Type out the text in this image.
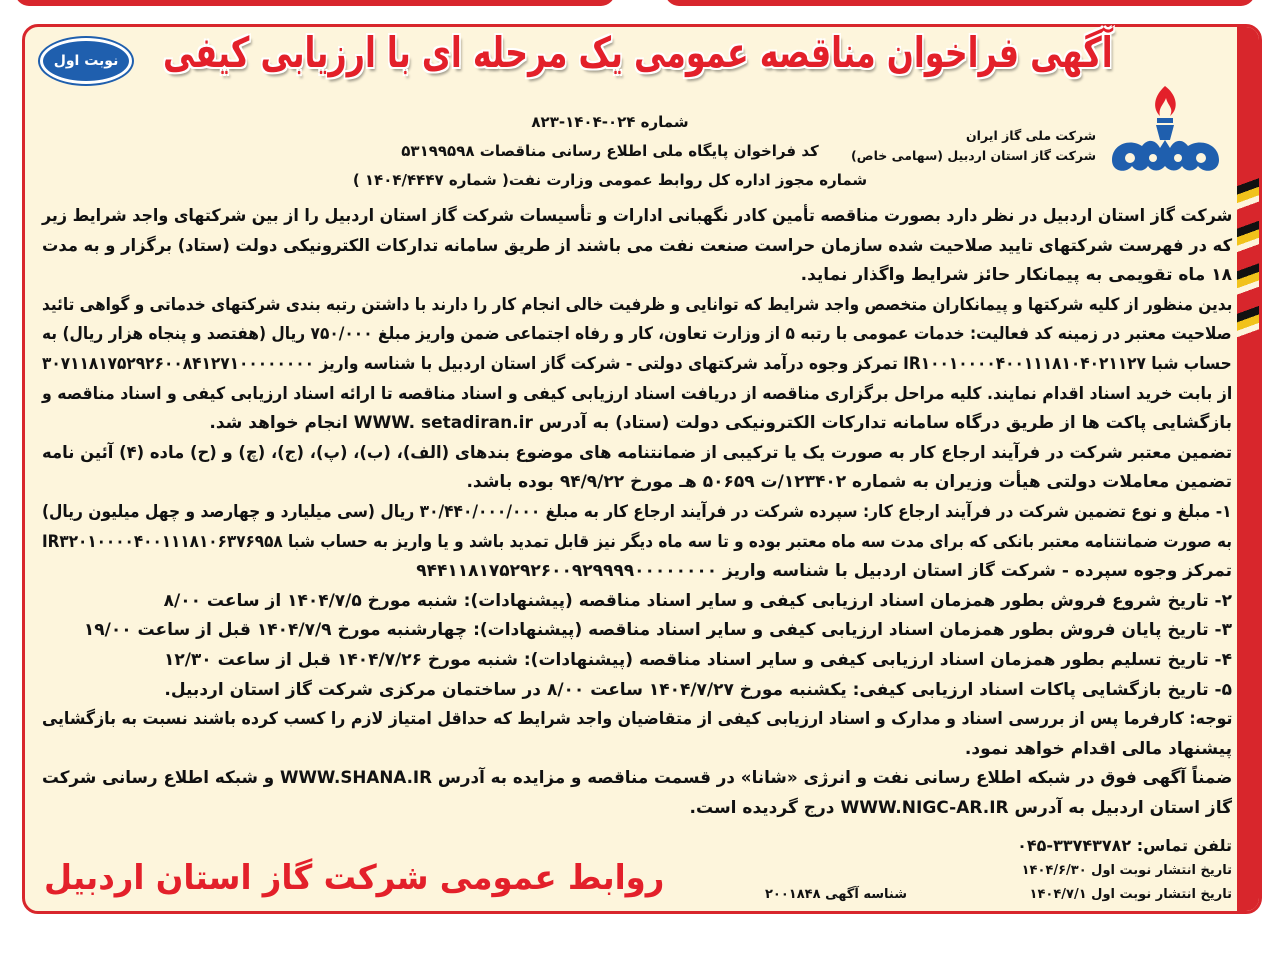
آگهی فراخوان مناقصه عمومی یک مرحله ای با ارزیابی کیفی
نوبت اول
شرکت ملی گاز ایران
شرکت گاز استان اردبیل (سهامی خاص)
شماره ۰۲۴-۱۴۰۴-۸۲۳
کد فراخوان پایگاه ملی اطلاع رسانی مناقصات ۵۳۱۹۹۵۹۸
شماره مجوز اداره کل روابط عمومی وزارت نفت( شماره ۱۴۰۴/۴۴۴۷ )
شرکت گاز استان اردبیل در نظر دارد بصورت مناقصه تأمین کادر نگهبانی ادارات و تأسیسات شرکت گاز استان اردبیل را از بین شرکتهای واجد شرایط زیر
که در فهرست شرکتهای تایید صلاحیت شده سازمان حراست صنعت نفت می باشند از طریق سامانه تدارکات الکترونیکی دولت (ستاد) برگزار و به مدت
۱۸ ماه تقویمی به پیمانکار حائز شرایط واگذار نماید.
بدین منظور از کلیه شرکتها و پیمانکاران متخصص واجد شرایط که توانایی و ظرفیت خالی انجام کار را دارند با داشتن رتبه بندی شرکتهای خدماتی و گواهی تائید
صلاحیت معتبر در زمینه کد فعالیت: خدمات عمومی با رتبه ۵ از وزارت تعاون، کار و رفاه اجتماعی ضمن واریز مبلغ ۷۵۰/۰۰۰ ریال (هفتصد و پنجاه هزار ریال) به
حساب شبا IR۱۰۰۱۰۰۰۰۴۰۰۱۱۱۸۱۰۴۰۲۱۱۲۷ تمرکز وجوه درآمد شرکتهای دولتی - شرکت گاز استان اردبیل با شناسه واریز ۳۰۷۱۱۸۱۷۵۲۹۲۶۰۰۸۴۱۲۷۱۰۰۰۰۰۰۰۰
از بابت خرید اسناد اقدام نمایند. کلیه مراحل برگزاری مناقصه از دریافت اسناد ارزیابی کیفی و اسناد مناقصه تا ارائه اسناد ارزیابی کیفی و اسناد مناقصه و
بازگشایی پاکت ها از طریق درگاه سامانه تدارکات الکترونیکی دولت (ستاد) به آدرس WWW. setadiran.ir انجام خواهد شد.
تضمین معتبر شرکت در فرآیند ارجاع کار به صورت یک یا ترکیبی از ضمانتنامه های موضوع بندهای (الف)، (ب)، (پ)، (ج)، (چ) و (ح) ماده (۴) آئین نامه
تضمین معاملات دولتی هیأت وزیران به شماره ۱۲۳۴۰۲/ت ۵۰۶۵۹ هـ مورخ ۹۴/۹/۲۲ بوده باشد.
۱- مبلغ و نوع تضمین شرکت در فرآیند ارجاع کار: سپرده شرکت در فرآیند ارجاع کار به مبلغ ۳۰/۴۴۰/۰۰۰/۰۰۰ ریال (سی میلیارد و چهارصد و چهل میلیون ریال)
به صورت ضمانتنامه معتبر بانکی که برای مدت سه ماه معتبر بوده و تا سه ماه دیگر نیز قابل تمدید باشد و یا واریز به حساب شبا IR۳۲۰۱۰۰۰۰۴۰۰۱۱۱۸۱۰۶۳۷۶۹۵۸
تمرکز وجوه سپرده - شرکت گاز استان اردبیل با شناسه واریز ۹۴۴۱۱۸۱۷۵۲۹۲۶۰۰۹۲۹۹۹۹۰۰۰۰۰۰۰۰
۲- تاریخ شروع فروش بطور همزمان اسناد ارزیابی کیفی و سایر اسناد مناقصه (پیشنهادات): شنبه مورخ ۱۴۰۴/۷/۵ از ساعت ۸/۰۰
۳- تاریخ پایان فروش بطور همزمان اسناد ارزیابی کیفی و سایر اسناد مناقصه (پیشنهادات): چهارشنبه مورخ ۱۴۰۴/۷/۹ قبل از ساعت ۱۹/۰۰
۴- تاریخ تسلیم بطور همزمان اسناد ارزیابی کیفی و سایر اسناد مناقصه (پیشنهادات): شنبه مورخ ۱۴۰۴/۷/۲۶ قبل از ساعت ۱۲/۳۰
۵- تاریخ بازگشایی پاکات اسناد ارزیابی کیفی: یکشنبه مورخ ۱۴۰۴/۷/۲۷ ساعت ۸/۰۰ در ساختمان مرکزی شرکت گاز استان اردبیل.
توجه: کارفرما پس از بررسی اسناد و مدارک و اسناد ارزیابی کیفی از متقاضیان واجد شرایط که حداقل امتیاز لازم را کسب کرده باشند نسبت به بازگشایی
پیشنهاد مالی اقدام خواهد نمود.
ضمناً آگهی فوق در شبکه اطلاع رسانی نفت و انرژی «شانا» در قسمت مناقصه و مزایده به آدرس WWW.SHANA.IR و شبکه اطلاع رسانی شرکت
گاز استان اردبیل به آدرس WWW.NIGC-AR.IR درج گردیده است.
تلفن تماس: ۳۳۷۴۳۷۸۲-۰۴۵
تاریخ انتشار نوبت اول ۱۴۰۴/۶/۳۰
تاریخ انتشار نوبت اول ۱۴۰۴/۷/۱
شناسه آگهی ۲۰۰۱۸۴۸
روابط عمومی شرکت گاز استان اردبیل
